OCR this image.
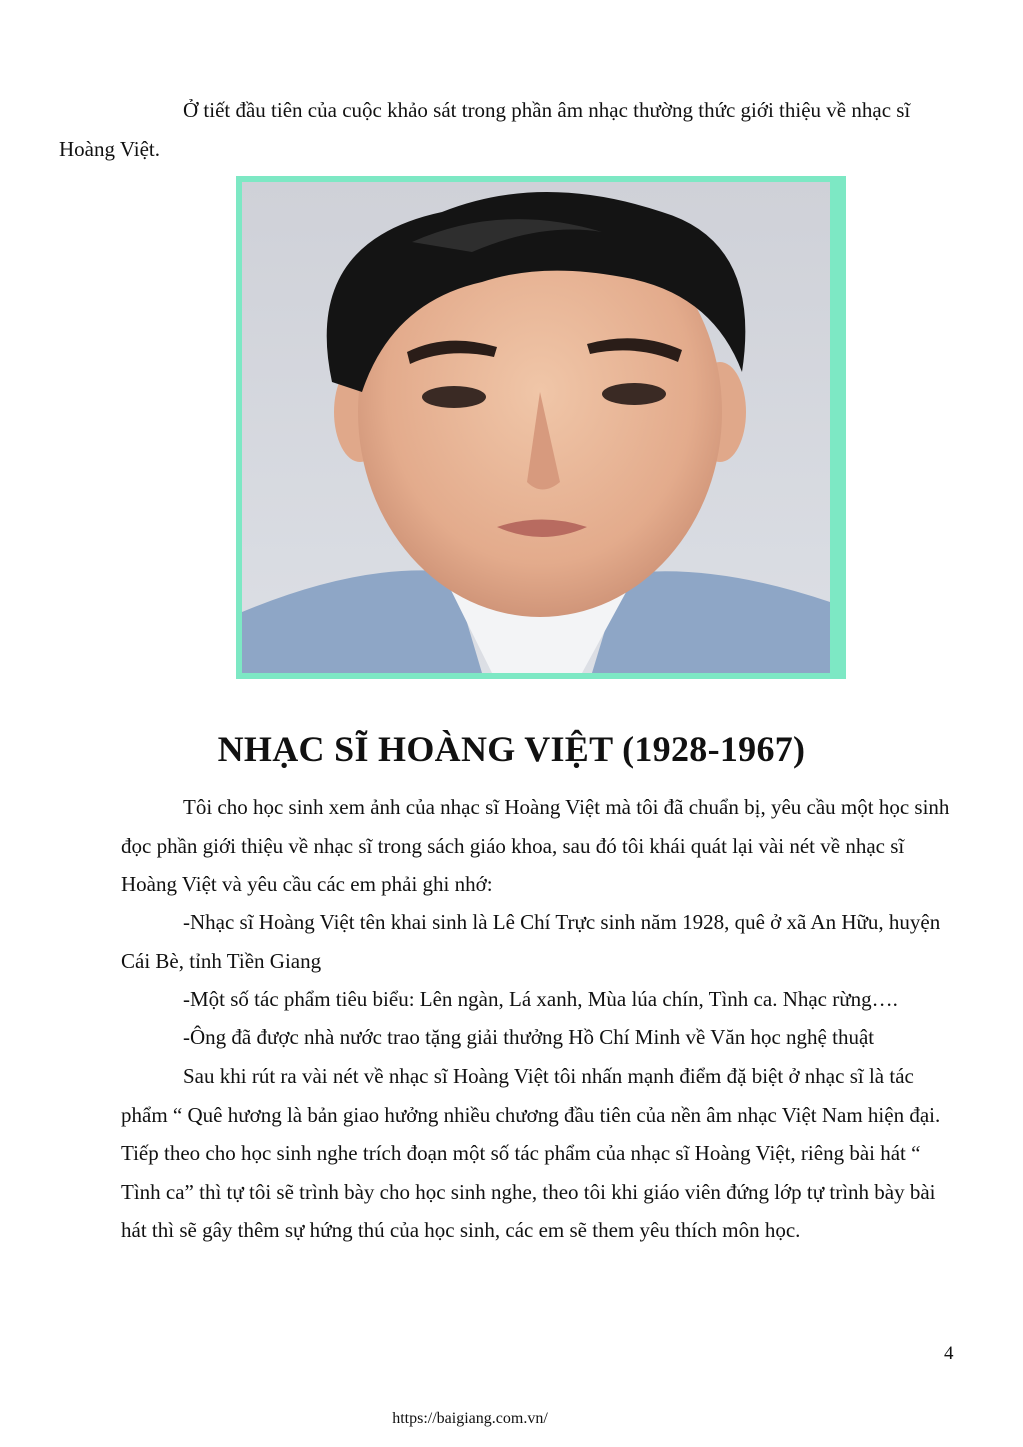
Ở tiết đầu tiên của cuộc khảo sát trong phần âm nhạc thường thức giới thiệu về nhạc sĩ
Hoàng Việt.

NHẠC SĨ HOÀNG VIỆT (1928-1967)

Tôi cho học sinh xem ảnh của nhạc sĩ Hoàng Việt mà tôi đã chuẩn bị, yêu cầu một học sinh đọc phần giới thiệu về nhạc sĩ trong sách giáo khoa, sau đó tôi khái quát lại vài nét về nhạc sĩ Hoàng Việt và yêu cầu các em phải ghi nhớ:

-Nhạc sĩ Hoàng Việt tên khai sinh là Lê Chí Trực sinh năm 1928, quê ở xã An Hữu, huyện Cái Bè, tỉnh Tiền Giang

-Một số tác phẩm tiêu biểu: Lên ngàn, Lá xanh, Mùa lúa chín, Tình ca. Nhạc rừng….

-Ông đã được nhà nước trao tặng giải thưởng Hồ Chí Minh về Văn học nghệ thuật

Sau khi rút ra vài nét về nhạc sĩ Hoàng Việt tôi nhấn mạnh điểm đặ biệt ở nhạc sĩ là tác phẩm “ Quê hương là bản giao hưởng nhiều chương đầu tiên của nền âm nhạc Việt Nam hiện đại. Tiếp theo cho học sinh nghe trích đoạn một số tác phẩm của nhạc sĩ Hoàng Việt, riêng bài hát “ Tình ca” thì tự tôi sẽ trình bày cho học sinh nghe, theo tôi khi giáo viên đứng lớp tự trình bày bài hát thì sẽ gây thêm sự hứng thú của học sinh, các em sẽ them yêu thích môn học.

4
https://baigiang.com.vn/
